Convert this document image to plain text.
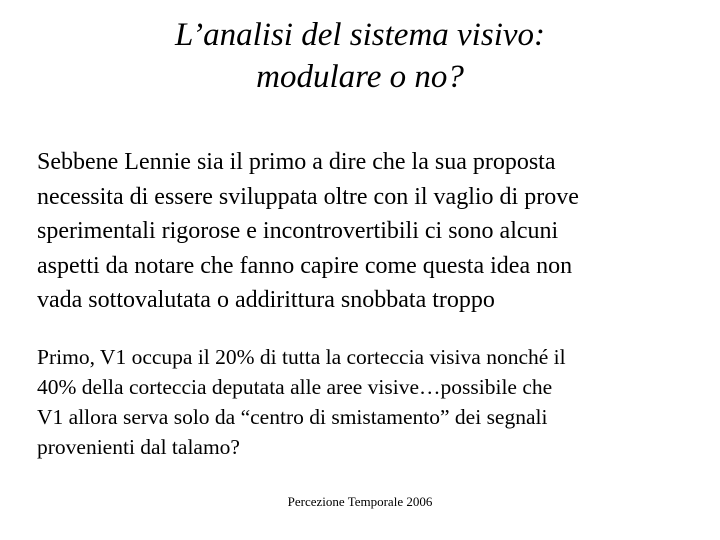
L’analisi del sistema visivo:
modulare o no?
Sebbene Lennie sia il primo a dire che la sua proposta
necessita di essere sviluppata oltre con il vaglio di prove
sperimentali rigorose e incontrovertibili ci sono alcuni
aspetti da notare che fanno capire come questa idea non
vada sottovalutata o addirittura snobbata troppo
Primo, V1 occupa il 20% di tutta la corteccia visiva nonché il
40% della corteccia deputata alle aree visive…possibile che
V1 allora serva solo da “centro di smistamento” dei segnali
provenienti dal talamo?
Percezione Temporale 2006
